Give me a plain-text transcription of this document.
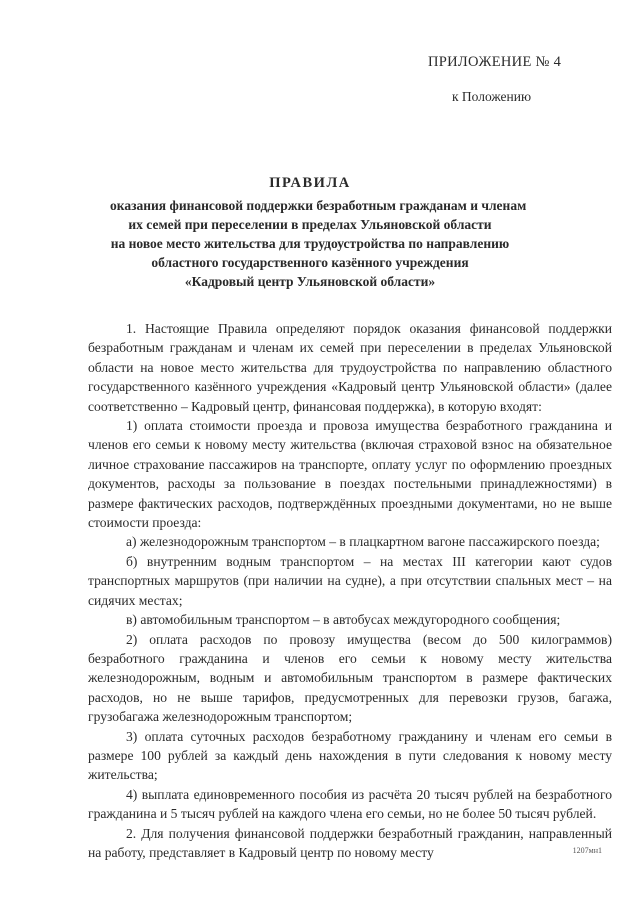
ПРИЛОЖЕНИЕ № 4
к Положению
ПРАВИЛА
оказания финансовой поддержки безработным гражданам и членам
их семей при переселении в пределах Ульяновской области
на новое место жительства для трудоустройства по направлению
областного государственного казённого учреждения
«Кадровый центр Ульяновской области»

1. Настоящие Правила определяют порядок оказания финансовой поддержки безработным гражданам и членам их семей при переселении в пределах Ульяновской области на новое место жительства для трудоустройства по направлению областного государственного казённого учреждения «Кадровый центр Ульяновской области» (далее соответственно – Кадровый центр, финансовая поддержка), в которую входят:

1) оплата стоимости проезда и провоза имущества безработного гражданина и членов его семьи к новому месту жительства (включая страховой взнос на обязательное личное страхование пассажиров на транспорте, оплату услуг по оформлению проездных документов, расходы за пользование в поездах постельными принадлежностями) в размере фактических расходов, подтверждённых проездными документами, но не выше стоимости проезда:

а) железнодорожным транспортом – в плацкартном вагоне пассажирского поезда;

б) внутренним водным транспортом – на местах III категории кают судов транспортных маршрутов (при наличии на судне), а при отсутствии спальных мест – на сидячих местах;

в) автомобильным транспортом – в автобусах междугородного сообщения;

2) оплата расходов по провозу имущества (весом до 500 килограммов) безработного гражданина и членов его семьи к новому месту жительства железнодорожным, водным и автомобильным транспортом в размере фактических расходов, но не выше тарифов, предусмотренных для перевозки грузов, багажа, грузобагажа железнодорожным транспортом;

3) оплата суточных расходов безработному гражданину и членам его семьи в размере 100 рублей за каждый день нахождения в пути следования к новому месту жительства;

4) выплата единовременного пособия из расчёта 20 тысяч рублей на безработного гражданина и 5 тысяч рублей на каждого члена его семьи, но не более 50 тысяч рублей.

2. Для получения финансовой поддержки безработный гражданин, направленный на работу, представляет в Кадровый центр по новому месту	1207мн1
